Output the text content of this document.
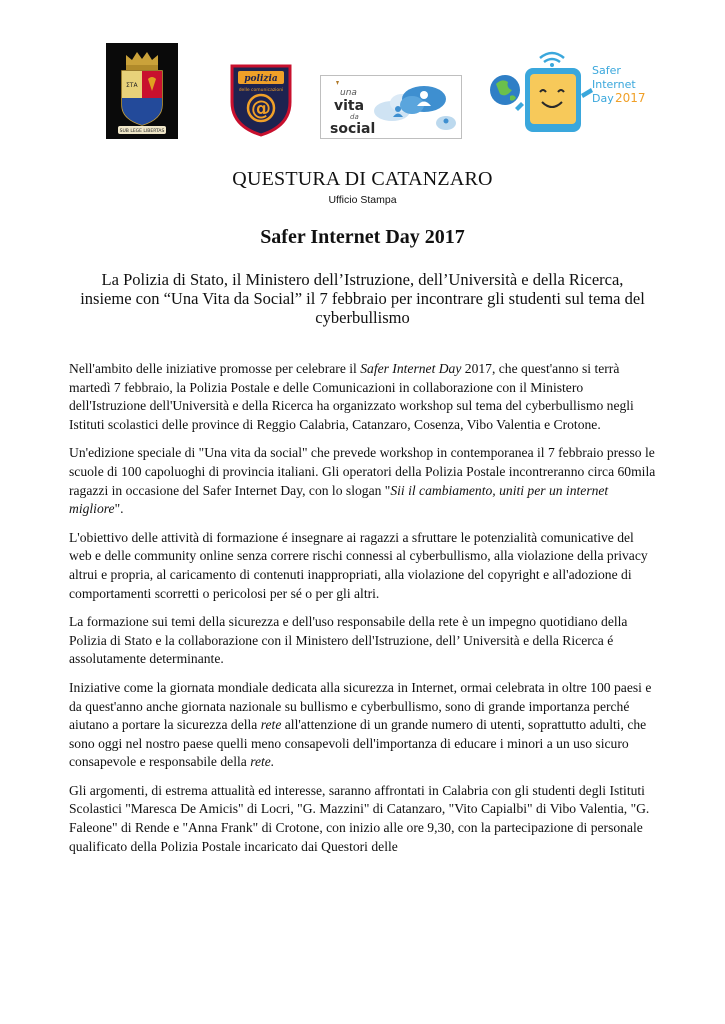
ΣΤΑ
SUB LEGE LIBERTAS
polizia
delle comunicazioni
@
una
vita
da
social
Safer
Internet
Day 2017
QUESTURA DI CATANZARO
Ufficio Stampa
Safer Internet Day 2017
La Polizia di Stato, il Ministero dell’Istruzione, dell’Università e della Ricerca, insieme con “Una Vita da Social” il 7 febbraio per incontrare gli studenti sul tema del cyberbullismo

Nell'ambito delle iniziative promosse per celebrare il Safer Internet Day 2017, che quest'anno si terrà martedì 7 febbraio, la Polizia Postale e delle Comunicazioni in collaborazione con il Ministero dell'Istruzione dell'Università e della Ricerca ha organizzato workshop sul tema del cyberbullismo negli Istituti scolastici delle province di Reggio Calabria, Catanzaro, Cosenza, Vibo Valentia e Crotone.

Un'edizione speciale di "Una vita da social" che prevede workshop in contemporanea il 7 febbraio presso le scuole di 100 capoluoghi di provincia italiani. Gli operatori della Polizia Postale incontreranno circa 60mila ragazzi in occasione del Safer Internet Day, con lo slogan "Sii il cambiamento, uniti per un internet migliore".

L'obiettivo delle attività di formazione é insegnare ai ragazzi a sfruttare le potenzialità comunicative del web e delle community online senza correre rischi connessi al cyberbullismo, alla violazione della privacy altrui e propria, al caricamento di contenuti inappropriati, alla violazione del copyright e all'adozione di comportamenti scorretti o pericolosi per sé o per gli altri.

La formazione sui temi della sicurezza e dell'uso responsabile della rete è un impegno quotidiano della Polizia di Stato e la collaborazione con il Ministero dell'Istruzione, dell’ Università e della Ricerca é assolutamente determinante.

Iniziative come la giornata mondiale dedicata alla sicurezza in Internet, ormai celebrata in oltre 100 paesi e da quest'anno anche giornata nazionale su bullismo e cyberbullismo, sono di grande importanza perché aiutano a portare la sicurezza della rete all'attenzione di un grande numero di utenti, soprattutto adulti, che sono oggi nel nostro paese quelli meno consapevoli dell'importanza di educare i minori a un uso sicuro consapevole e responsabile della rete.

Gli argomenti, di estrema attualità ed interesse, saranno affrontati in Calabria con gli studenti degli Istituti Scolastici "Maresca De Amicis" di Locri, "G. Mazzini" di Catanzaro, "Vito Capialbi" di Vibo Valentia, "G. Faleone" di Rende e "Anna Frank" di Crotone, con inizio alle ore 9,30, con la partecipazione di personale qualificato della Polizia Postale incaricato dai Questori delle
